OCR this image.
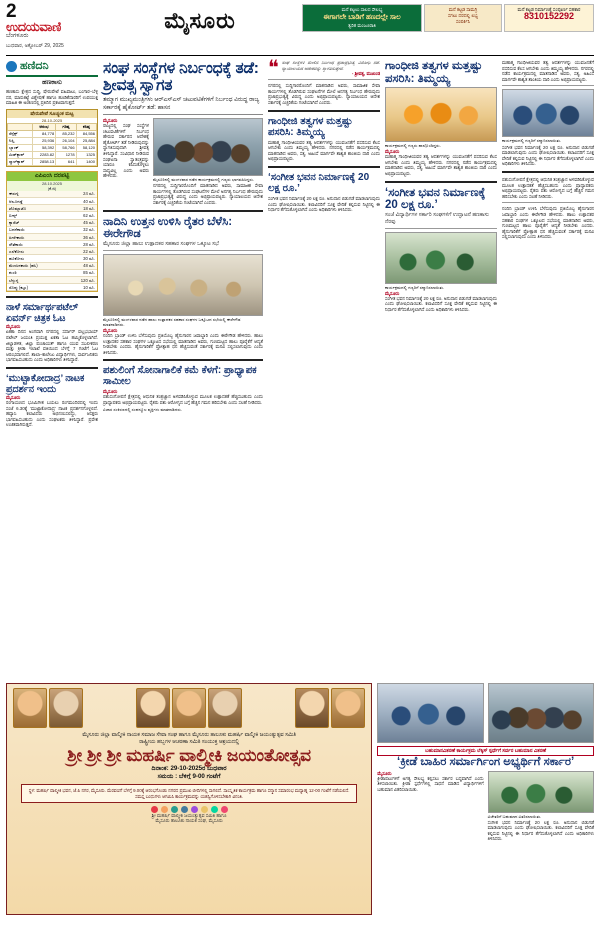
2
ಉದಯವಾಣಿ
ಬೆಂಗಳೂರು
ಬುಧವಾರ, ಅಕ್ಟೋಬರ್ 29, 2025
ಮೈಸೂರು	ಮನೆ ಕಟ್ಟಲು ಸಾಲದ ಸೌಲಭ್ಯ
ಈಗಾಗಲೇ ಬಾಡಿಗೆ ಹಣದಲ್ಲೇ ಸಾಲ
ತ್ವರಿತ ಮಂಜೂರಾತಿ
ಮನೆ ಕಟ್ಟಡ ಸಾಮಗ್ರಿ
ಸಗಟು ದರದಲ್ಲಿ ಲಭ್ಯ
ಸಂಪರ್ಕಿಸಿ
ಮನೆ ಕಟ್ಟಡ ನಿರ್ಮಾಣಕ್ಕೆ ಸಂಪೂರ್ಣ ಸಹಕಾರ
8310152292
ಹಣಿದನಿ
ಹಣಕಾಸು
ಹಣಕಾಸು ಕ್ಷೇತ್ರದ ಸುದ್ದಿ, ಷೇರುಪೇಟೆ ವಹಿವಾಟು, ಬಂಗಾರ–ಬೆಳ್ಳಿ ದರ, ಮಾರುಕಟ್ಟೆ ವಿಶ್ಲೇಷಣೆ ಹಾಗೂ ಹೂಡಿಕೆದಾರರಿಗೆ ಉಪಯುಕ್ತ ಮಾಹಿತಿ ಈ ಅಂಕಣದಲ್ಲಿ ಪ್ರತಿದಿನ ಪ್ರಕಟವಾಗುತ್ತದೆ.
ಷೇರುಪೇಟೆ ಸೂಚ್ಯಂಕ ಮಟ್ಟ
28-10-2025
	ಆರಂಭ	ಗರಿಷ್ಠ	ಕನಿಷ್ಠ
ಸೆನ್ಸೆಕ್ಸ್	84,778	85,232	84,556
ನಿಫ್ಟಿ	25,936	26,104	25,884
ಬ್ಯಾಂಕ್	58,392	58,766	58,120
ಮಿಡ್‌ಕ್ಯಾಪ್	2283.82	1278	1325
ಸ್ಮಾಲ್‌ಕ್ಯಾಪ್	2858.13	641	1400
ಎಪಿಎಂಸಿ ದರಪಟ್ಟಿ
28.10.2025
(ಕೆ.ಜಿ)
ಈರುಳ್ಳಿ	24 ರೂ.
ಆಲೂಗಡ್ಡೆ	40 ರೂ.
ಟೊಮ್ಯಾಟೊ	18 ರೂ.
ಬೀನ್ಸ್	62 ರೂ.
ಕ್ಯಾರೆಟ್	45 ರೂ.
ಬದನೆಕಾಯಿ	32 ರೂ.
ಹೀರೇಕಾಯಿ	36 ರೂ.
ಸೌತೆಕಾಯಿ	28 ರೂ.
ಎಲೆಕೋಸು	22 ರೂ.
ಹೂಕೋಸು	30 ರೂ.
ಮೆಣಸಿನಕಾಯಿ (ಹಸಿ)	48 ರೂ.
ಶುಂಠಿ	85 ರೂ.
ಬೆಳ್ಳುಳ್ಳಿ	120 ರೂ.
ಸೊಪ್ಪು (ಕಟ್ಟು)	10 ರೂ.
ನಾಳೆ ಸರ್ಮಾರ್ಥಪಟೆಲ್ ಏವರ್ನ್ ಚಿತ್ರಕ ಓಟ
ಮೈಸೂರು
ಏಕತಾ ದಿನದ ಅಂಗವಾಗಿ ನಗರದಲ್ಲಿ ಸರ್ದಾರ್ ವಲ್ಲಭಭಾಯ್ ಪಟೇಲ್ ಜಯಂತಿ ಪ್ರಯುಕ್ತ ಏಕತಾ ಓಟ ಹಮ್ಮಿಕೊಳ್ಳಲಾಗಿದೆ. ಜಿಲ್ಲಾಡಳಿತ, ಜಿಲ್ಲಾ ಪಂಚಾಯತ್ ಹಾಗೂ ಯುವ ಸಬಲೀಕರಣ ಮತ್ತು ಕ್ರೀಡಾ ಇಲಾಖೆ ವತಿಯಿಂದ ಬೆಳಗ್ಗೆ 7 ಗಂಟೆಗೆ ಓಟ ಆರಂಭವಾಗಲಿದೆ. ಶಾಲಾ–ಕಾಲೇಜು ವಿದ್ಯಾರ್ಥಿಗಳು, ಸಾರ್ವಜನಿಕರು ಭಾಗವಹಿಸಬಹುದು ಎಂದು ಅಧಿಕಾರಿಗಳು ತಿಳಿಸಿದ್ದಾರೆ.
‘ಮುಟ್ಟಾಕೋದಾದ್ರ’ ನಾಟಕ ಪ್ರದರ್ಶನ ಇಂದು
ಮೈಸೂರು
ರಂಗಾಯಣದ ಭೂಮಿಗೀತ ಬಯಲು ರಂಗಮಂದಿರದಲ್ಲಿ ಇಂದು ಸಂಜೆ 6.30ಕ್ಕೆ ‘ಮುಟ್ಟಾಕೋದಾದ್ರ’ ನಾಟಕ ಪ್ರದರ್ಶನಗೊಳ್ಳಲಿದೆ. ಹವ್ಯಾಸಿ ಕಲಾವಿದರು ಅಭಿನಯಿಸಲಿದ್ದು, ಆಸಕ್ತರು ಭಾಗವಹಿಸಬಹುದು ಎಂದು ಸಂಘಟಕರು ತಿಳಿಸಿದ್ದಾರೆ. ಪ್ರವೇಶ ಉಚಿತವಾಗಿರುತ್ತದೆ.
ಸಂಘ ಸಂಸ್ಥೆಗಳ ನಿರ್ಬಂಧಕ್ಕೆ ತಡೆ: ಶ್ರೀವತ್ಸ ಸ್ವಾಗತ
ತಮ್ಮಾಗ ಮುಖ್ಯಮಂತ್ರಿಗಳು ಆರ್‌ಎಸ್‌ಎಸ್ ಚಟುವಟಿಕೆಗಳಿಗೆ ನಿರ್ಬಂಧ ವಿರುದ್ಧ ರಾಜ್ಯ ಸರ್ಕಾರಕ್ಕೆ ಹೈಕೋರ್ಟ್ ತಡೆ: ಹಾಸನ
ಮೈಸೂರು
ರಾಜ್ಯದಲ್ಲಿ ಸಂಘ ಸಂಸ್ಥೆಗಳ ಚಟುವಟಿಕೆಗಳಿಗೆ ನಿರ್ಬಂಧ ಹೇರುವ ಸರ್ಕಾರದ ಆದೇಶಕ್ಕೆ ಹೈಕೋರ್ಟ್ ತಡೆ ನೀಡಿರುವುದನ್ನು ಸ್ವಾಗತಿಸುವುದಾಗಿ ಶ್ರೀವತ್ಸ ತಿಳಿಸಿದ್ದಾರೆ. ಸಂವಿಧಾನ ನೀಡಿರುವ ಸಂಘಟನಾ ಸ್ವಾತಂತ್ರ್ಯವನ್ನು ಯಾರೂ ಕಸಿದುಕೊಳ್ಳಲು ಸಾಧ್ಯವಿಲ್ಲ ಎಂದು ಅವರು ಹೇಳಿದರು.
ಮೈಸೂರಿನಲ್ಲಿ ಮಂಗಳವಾರ ನಡೆದ ಕಾರ್ಯಕ್ರಮದಲ್ಲಿ ಗಣ್ಯರು ಭಾಗವಹಿಸಿದ್ದರು.
ನಗರದಲ್ಲಿ ಸುದ್ದಿಗಾರರೊಂದಿಗೆ ಮಾತನಾಡಿದ ಅವರು, ಸಾಮಾಜಿಕ ಸೇವಾ ಕಾರ್ಯಗಳಲ್ಲಿ ತೊಡಗಿರುವ ಸಂಘಟನೆಗಳ ಮೇಲೆ ಅನಗತ್ಯ ನಿರ್ಬಂಧ ಹೇರುವುದು ಪ್ರಜಾಪ್ರಭುತ್ವಕ್ಕೆ ವಿರುದ್ಧ ಎಂದು ಅಭಿಪ್ರಾಯಪಟ್ಟರು. ನ್ಯಾಯಾಲಯದ ಆದೇಶ ಸರ್ಕಾರಕ್ಕೆ ಎಚ್ಚರಿಕೆಯ ಗಂಟೆಯಾಗಿದೆ ಎಂದರು.
ನಾದಿನಿ ಉತ್ತನ ಉಳಿಸಿ ರೈತರ ಬೆಳೆಸಿ: ಈರೇಗೌಡ
ಮೈಸೂರು ಜಿಲ್ಲಾ ಹಾಲು ಉತ್ಪಾದಕರ ಸಹಕಾರ ಸಂಘಗಳ ಒಕ್ಕೂಟ ಸಭೆ
ಮೈಸೂರಿನಲ್ಲಿ ಮಂಗಳವಾರ ನಡೆದ ಹಾಲು ಉತ್ಪಾದಕರ ಸಹಕಾರ ಸಂಘಗಳ ಒಕ್ಕೂಟದ ಸಭೆಯಲ್ಲಿ ಈರೇಗೌಡ ಮಾತನಾಡಿದರು.
ಮೈಸೂರು
ನಂದಿನಿ ಬ್ರಾಂಡ್ ಉಳಿಸಿ ಬೆಳೆಸುವುದು ಪ್ರತಿಯೊಬ್ಬ ಹೈನುಗಾರನ ಜವಾಬ್ದಾರಿ ಎಂದು ಈರೇಗೌಡ ಹೇಳಿದರು. ಹಾಲು ಉತ್ಪಾದಕರ ಸಹಕಾರ ಸಂಘಗಳ ಒಕ್ಕೂಟದ ಸಭೆಯಲ್ಲಿ ಮಾತನಾಡಿದ ಅವರು, ಗುಣಮಟ್ಟದ ಹಾಲು ಪೂರೈಕೆಗೆ ಆದ್ಯತೆ ನೀಡಬೇಕು ಎಂದರು. ಹೈನುಗಾರಿಕೆಗೆ ಪ್ರೋತ್ಸಾಹ ಧನ ಹೆಚ್ಚಿಸುವಂತೆ ಸರ್ಕಾರಕ್ಕೆ ಮನವಿ ಸಲ್ಲಿಸಲಾಗುವುದು ಎಂದು ತಿಳಿಸಿದರು.
ಪಶುಲಿಂಗೆ ಸೋನಾಗಾಲಿಕೆ ಕಮೆ ಕೆಳಗೆ: ಪ್ರಾಧ್ಯಾಪಕ ಸಾಮೀಲ
ಮೈಸೂರು
ಪಶುಸಂಗೋಪನೆ ಕ್ಷೇತ್ರದಲ್ಲಿ ಆಧುನಿಕ ತಂತ್ರಜ್ಞಾನ ಅಳವಡಿಸಿಕೊಳ್ಳುವ ಮೂಲಕ ಉತ್ಪಾದಕತೆ ಹೆಚ್ಚಿಸಬಹುದು ಎಂದು ಪ್ರಾಧ್ಯಾಪಕರು ಅಭಿಪ್ರಾಯಪಟ್ಟರು. ರೈತರು ಪಶು ಆರೋಗ್ಯದ ಬಗ್ಗೆ ಹೆಚ್ಚಿನ ಗಮನ ಹರಿಸಬೇಕು ಎಂದು ಸಲಹೆ ನೀಡಿದರು.
ವಿಚಾರ ಸಂಕಿರಣದಲ್ಲಿ ಸಂಪನ್ಮೂಲ ವ್ಯಕ್ತಿಗಳು ಮಾತನಾಡಿದರು.
❝ ಸಂಘ ಸಂಸ್ಥೆಗಳ ಮೇಲಿನ ನಿರ್ಬಂಧ ಪ್ರಜಾಪ್ರಭುತ್ವ ವಿರೋಧಿ ನಡೆ. ನ್ಯಾಯಾಲಯದ ಆದೇಶವನ್ನು ಸ್ವಾಗತಿಸುತ್ತೇವೆ.
- ಶ್ರೀವತ್ಸ, ಮುಖಂಡ
ನಗರದಲ್ಲಿ ಸುದ್ದಿಗಾರರೊಂದಿಗೆ ಮಾತನಾಡಿದ ಅವರು, ಸಾಮಾಜಿಕ ಸೇವಾ ಕಾರ್ಯಗಳಲ್ಲಿ ತೊಡಗಿರುವ ಸಂಘಟನೆಗಳ ಮೇಲೆ ಅನಗತ್ಯ ನಿರ್ಬಂಧ ಹೇರುವುದು ಪ್ರಜಾಪ್ರಭುತ್ವಕ್ಕೆ ವಿರುದ್ಧ ಎಂದು ಅಭಿಪ್ರಾಯಪಟ್ಟರು. ನ್ಯಾಯಾಲಯದ ಆದೇಶ ಸರ್ಕಾರಕ್ಕೆ ಎಚ್ಚರಿಕೆಯ ಗಂಟೆಯಾಗಿದೆ ಎಂದರು.
ಗಾಂಧೀಜಿ ತತ್ವಗಳ ಮತ್ತಷ್ಟು ಪಸರಿಸಿ: ತಿಮ್ಮಯ್ಯ
ಮಹಾತ್ಮ ಗಾಂಧೀಜಿಯವರ ತತ್ವ ಆದರ್ಶಗಳನ್ನು ಯುವಜನತೆಗೆ ಪಸರಿಸುವ ಕೆಲಸ ಆಗಬೇಕು ಎಂದು ತಿಮ್ಮಯ್ಯ ಹೇಳಿದರು. ನಗರದಲ್ಲಿ ನಡೆದ ಕಾರ್ಯಕ್ರಮದಲ್ಲಿ ಮಾತನಾಡಿದ ಅವರು, ಸತ್ಯ, ಅಹಿಂಸೆ ಮಾರ್ಗವೇ ಶಾಶ್ವತ ಶಾಂತಿಯ ದಾರಿ ಎಂದು ಅಭಿಪ್ರಾಯಪಟ್ಟರು.
‘ಸಂಗೀತ ಭವನ ನಿರ್ಮಾಣಕ್ಕೆ 20 ಲಕ್ಷ ರೂ.’
ಸಂಗೀತ ಭವನ ನಿರ್ಮಾಣಕ್ಕೆ 20 ಲಕ್ಷ ರೂ. ಅನುದಾನ ಬಿಡುಗಡೆ ಮಾಡಲಾಗುವುದು ಎಂದು ಘೋಷಿಸಲಾಯಿತು. ಕಲಾವಿದರಿಗೆ ಸೂಕ್ತ ವೇದಿಕೆ ಕಲ್ಪಿಸುವ ನಿಟ್ಟಿನಲ್ಲಿ ಈ ನಿರ್ಧಾರ ತೆಗೆದುಕೊಳ್ಳಲಾಗಿದೆ ಎಂದು ಅಧಿಕಾರಿಗಳು ತಿಳಿಸಿದರು.
ಗಾಂಧೀಜಿ ತತ್ವಗಳ ಮತ್ತಷ್ಟು ಪಸರಿಸಿ: ತಿಮ್ಮಯ್ಯ
ಕಾರ್ಯಕ್ರಮದಲ್ಲಿ ಗಣ್ಯರು ಪಾಲ್ಗೊಂಡಿದ್ದರು.
ಮೈಸೂರು
ಮಹಾತ್ಮ ಗಾಂಧೀಜಿಯವರ ತತ್ವ ಆದರ್ಶಗಳನ್ನು ಯುವಜನತೆಗೆ ಪಸರಿಸುವ ಕೆಲಸ ಆಗಬೇಕು ಎಂದು ತಿಮ್ಮಯ್ಯ ಹೇಳಿದರು. ನಗರದಲ್ಲಿ ನಡೆದ ಕಾರ್ಯಕ್ರಮದಲ್ಲಿ ಮಾತನಾಡಿದ ಅವರು, ಸತ್ಯ, ಅಹಿಂಸೆ ಮಾರ್ಗವೇ ಶಾಶ್ವತ ಶಾಂತಿಯ ದಾರಿ ಎಂದು ಅಭಿಪ್ರಾಯಪಟ್ಟರು.
‘ಸಂಗೀತ ಭವನ ನಿರ್ಮಾಣಕ್ಕೆ 20 ಲಕ್ಷ ರೂ.’
ಸಂಜೆ ವಿದ್ಯಾರ್ಥಿಗಳ ಸರ್ಕಾರಿ ಸಂಘಗಳಿಗೆ ಉದ್ಘಾಟನೆ ಹಣಕಾಸು ನೆರವು
ಕಾರ್ಯಕ್ರಮದಲ್ಲಿ ಗಣ್ಯರಿಗೆ ಸನ್ಮಾನಿಸಲಾಯಿತು.
ಮೈಸೂರು
ಸಂಗೀತ ಭವನ ನಿರ್ಮಾಣಕ್ಕೆ 20 ಲಕ್ಷ ರೂ. ಅನುದಾನ ಬಿಡುಗಡೆ ಮಾಡಲಾಗುವುದು ಎಂದು ಘೋಷಿಸಲಾಯಿತು. ಕಲಾವಿದರಿಗೆ ಸೂಕ್ತ ವೇದಿಕೆ ಕಲ್ಪಿಸುವ ನಿಟ್ಟಿನಲ್ಲಿ ಈ ನಿರ್ಧಾರ ತೆಗೆದುಕೊಳ್ಳಲಾಗಿದೆ ಎಂದು ಅಧಿಕಾರಿಗಳು ತಿಳಿಸಿದರು.
ಮಹಾತ್ಮ ಗಾಂಧೀಜಿಯವರ ತತ್ವ ಆದರ್ಶಗಳನ್ನು ಯುವಜನತೆಗೆ ಪಸರಿಸುವ ಕೆಲಸ ಆಗಬೇಕು ಎಂದು ತಿಮ್ಮಯ್ಯ ಹೇಳಿದರು. ನಗರದಲ್ಲಿ ನಡೆದ ಕಾರ್ಯಕ್ರಮದಲ್ಲಿ ಮಾತನಾಡಿದ ಅವರು, ಸತ್ಯ, ಅಹಿಂಸೆ ಮಾರ್ಗವೇ ಶಾಶ್ವತ ಶಾಂತಿಯ ದಾರಿ ಎಂದು ಅಭಿಪ್ರಾಯಪಟ್ಟರು.
ಕಾರ್ಯಕ್ರಮದಲ್ಲಿ ಗಣ್ಯರಿಗೆ ಸನ್ಮಾನಿಸಲಾಯಿತು.
ಸಂಗೀತ ಭವನ ನಿರ್ಮಾಣಕ್ಕೆ 20 ಲಕ್ಷ ರೂ. ಅನುದಾನ ಬಿಡುಗಡೆ ಮಾಡಲಾಗುವುದು ಎಂದು ಘೋಷಿಸಲಾಯಿತು. ಕಲಾವಿದರಿಗೆ ಸೂಕ್ತ ವೇದಿಕೆ ಕಲ್ಪಿಸುವ ನಿಟ್ಟಿನಲ್ಲಿ ಈ ನಿರ್ಧಾರ ತೆಗೆದುಕೊಳ್ಳಲಾಗಿದೆ ಎಂದು ಅಧಿಕಾರಿಗಳು ತಿಳಿಸಿದರು.
ಪಶುಸಂಗೋಪನೆ ಕ್ಷೇತ್ರದಲ್ಲಿ ಆಧುನಿಕ ತಂತ್ರಜ್ಞಾನ ಅಳವಡಿಸಿಕೊಳ್ಳುವ ಮೂಲಕ ಉತ್ಪಾದಕತೆ ಹೆಚ್ಚಿಸಬಹುದು ಎಂದು ಪ್ರಾಧ್ಯಾಪಕರು ಅಭಿಪ್ರಾಯಪಟ್ಟರು. ರೈತರು ಪಶು ಆರೋಗ್ಯದ ಬಗ್ಗೆ ಹೆಚ್ಚಿನ ಗಮನ ಹರಿಸಬೇಕು ಎಂದು ಸಲಹೆ ನೀಡಿದರು.
ನಂದಿನಿ ಬ್ರಾಂಡ್ ಉಳಿಸಿ ಬೆಳೆಸುವುದು ಪ್ರತಿಯೊಬ್ಬ ಹೈನುಗಾರನ ಜವಾಬ್ದಾರಿ ಎಂದು ಈರೇಗೌಡ ಹೇಳಿದರು. ಹಾಲು ಉತ್ಪಾದಕರ ಸಹಕಾರ ಸಂಘಗಳ ಒಕ್ಕೂಟದ ಸಭೆಯಲ್ಲಿ ಮಾತನಾಡಿದ ಅವರು, ಗುಣಮಟ್ಟದ ಹಾಲು ಪೂರೈಕೆಗೆ ಆದ್ಯತೆ ನೀಡಬೇಕು ಎಂದರು. ಹೈನುಗಾರಿಕೆಗೆ ಪ್ರೋತ್ಸಾಹ ಧನ ಹೆಚ್ಚಿಸುವಂತೆ ಸರ್ಕಾರಕ್ಕೆ ಮನವಿ ಸಲ್ಲಿಸಲಾಗುವುದು ಎಂದು ತಿಳಿಸಿದರು.
ಮೈಸೂರು ಜಿಲ್ಲಾ ವಾಲ್ಮೀಕಿ ನಾಯಕ ಸಮಾಜ ಸೇವಾ ಸಂಘ ಹಾಗೂ ಮೈಸೂರು ತಾಲೂಕು ಮಹರ್ಷಿ ವಾಲ್ಮೀಕಿ ಜಯಂತ್ಯುತ್ಸವ ಸಮಿತಿ
ರಾಷ್ಟ್ರೀಯ ಹಬ್ಬಗಳ ಆಚರಣಾ ಸಮಿತಿ ಸಂಯುಕ್ತ ಆಶ್ರಯದಲ್ಲಿ
ಶ್ರೀ ಶ್ರೀ ಶ್ರೀ ಮಹರ್ಷಿ ವಾಲ್ಮೀಕಿ ಜಯಂತೋತ್ಸವ
ದಿನಾಂಕ: 29-10-2025ರ ಬುಧವಾರ
ಸಮಯ : ಬೆಳಿಗ್ಗೆ 9-00 ಗಂಟೆಗೆ
ಸ್ಥಳ: ಮಹರ್ಷಿ ವಾಲ್ಮೀಕಿ ಭವನ, ಜೆ.ಪಿ ನಗರ, ಮೈಸೂರು. ಮೆರವಣಿಗೆ ಬೆಳಗ್ಗೆ 9.00ಕ್ಕೆ ಆರಂಭಗೊಂಡು ನಗರದ ಪ್ರಮುಖ ಬೀದಿಗಳಲ್ಲಿ ಸಾಗಲಿದೆ. ಸಾಂಸ್ಕೃತಿಕ ಕಾರ್ಯಕ್ರಮ ಹಾಗೂ ಸನ್ಮಾನ ಸಮಾರಂಭ ಮಧ್ಯಾಹ್ನ 12-00 ಗಂಟೆಗೆ ನಡೆಯಲಿದೆ. ಸಮಸ್ತ ಬಂಧುಗಳು ಆಗಮಿಸಿ ಕಾರ್ಯಕ್ರಮವನ್ನು ಯಶಸ್ವಿಗೊಳಿಸಬೇಕಾಗಿ ವಿನಂತಿ.
ಶ್ರೀ ಮಹರ್ಷಿ ವಾಲ್ಮೀಕಿ ಜಯಂತ್ಯುತ್ಸವ ಸಮಿತಿ ಹಾಗೂ
ಮೈಸೂರು ತಾಲೂಕು ನಾಯಕ ಸಂಘ, ಮೈಸೂರು
ಬಹುಮಾನವಿತರಣೆ ಕಾರ್ಯಕ್ರಮ ಲೆಕ್ಕಿಸ್ ಸ್ಪರ್ಧೆಗೆ ಸರ್ವರ ಬಹುಮಾನ ವಿತರಣೆ
‘ಕ್ರೀಡೆ ಬಾಹಿರ ಸರ್ಮಾರ್ಗಿಂಗ ಅಭ್ಯರ್ಥಿಗೆ ಸರ್ಕಾರ’
ಮೈಸೂರು
ಕ್ರೀಡಾಪಟುಗಳಿಗೆ ಅಗತ್ಯ ಸೌಲಭ್ಯ ಕಲ್ಪಿಸಲು ಸರ್ಕಾರ ಬದ್ಧವಾಗಿದೆ ಎಂದು ತಿಳಿಸಲಾಯಿತು. ಕ್ರೀಡಾ ಸ್ಪರ್ಧೆಗಳಲ್ಲಿ ಸಾಧನೆ ಮಾಡಿದ ವಿದ್ಯಾರ್ಥಿಗಳಿಗೆ ಬಹುಮಾನ ವಿತರಿಸಲಾಯಿತು.
ವಿಜೇತರಿಗೆ ಬಹುಮಾನ ವಿತರಿಸಲಾಯಿತು.
ಸಂಗೀತ ಭವನ ನಿರ್ಮಾಣಕ್ಕೆ 20 ಲಕ್ಷ ರೂ. ಅನುದಾನ ಬಿಡುಗಡೆ ಮಾಡಲಾಗುವುದು ಎಂದು ಘೋಷಿಸಲಾಯಿತು. ಕಲಾವಿದರಿಗೆ ಸೂಕ್ತ ವೇದಿಕೆ ಕಲ್ಪಿಸುವ ನಿಟ್ಟಿನಲ್ಲಿ ಈ ನಿರ್ಧಾರ ತೆಗೆದುಕೊಳ್ಳಲಾಗಿದೆ ಎಂದು ಅಧಿಕಾರಿಗಳು ತಿಳಿಸಿದರು.
